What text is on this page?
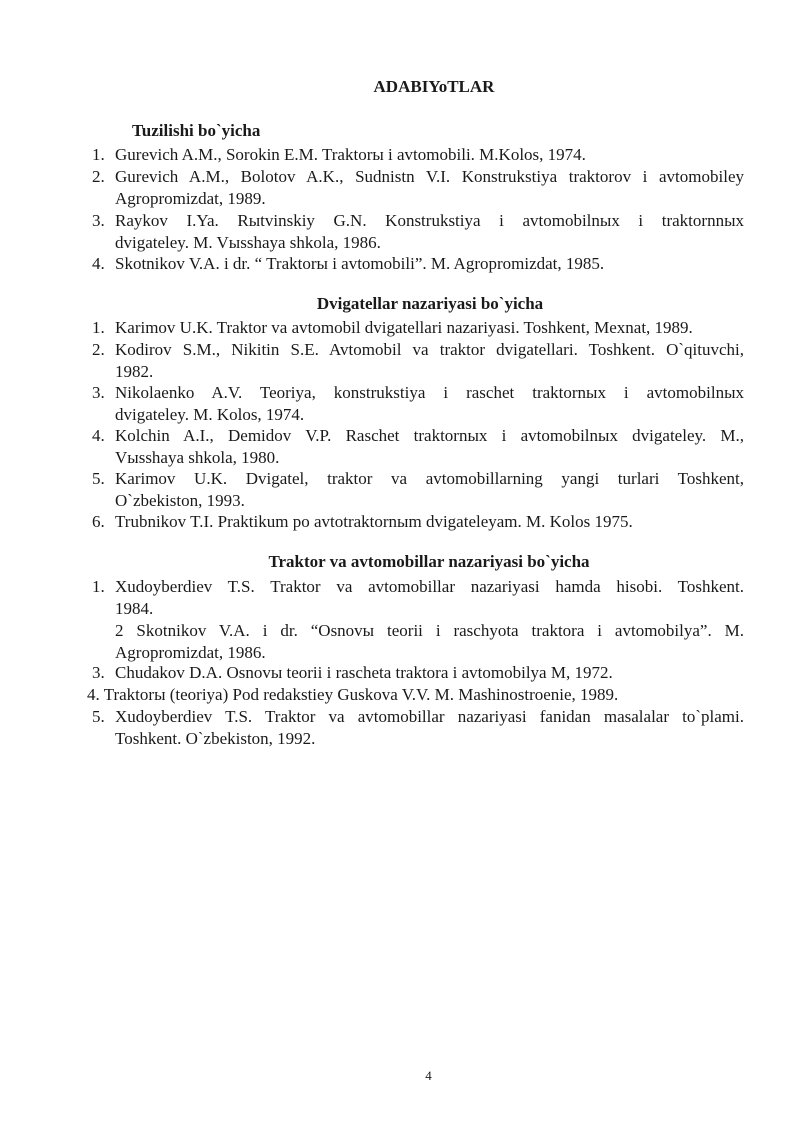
ADABIYoTLAR
Tuzilishi bo`yicha
1. Gurevich A.M., Sorokin E.M. Traktorы i avtomobili. M.Kolos, 1974.
2. Gurevich A.M., Bolotov A.K., Sudnistn V.I. Konstrukstiya traktorov i avtomobiley
Agropromizdat, 1989.
3. Raykov I.Ya. Rыtvinskiy G.N. Konstrukstiya i avtomobilnыx i traktornnыx
dvigateley. M. Vыsshaya shkola, 1986.
4. Skotnikov V.A. i dr. “ Traktorы i avtomobili”. M. Agropromizdat, 1985.
Dvigatellar nazariyasi bo`yicha
1. Karimov U.K. Traktor va avtomobil dvigatellari nazariyasi. Toshkent, Mexnat, 1989.
2. Kodirov S.M., Nikitin S.E. Avtomobil va traktor dvigatellari. Toshkent. O`qituvchi,
1982.
3. Nikolaenko A.V. Teoriya, konstrukstiya i raschet traktornыx i avtomobilnыx
dvigateley. M. Kolos, 1974.
4. Kolchin A.I., Demidov V.P. Raschet traktornыx i avtomobilnыx dvigateley. M.,
Vыsshaya shkola, 1980.
5. Karimov U.K. Dvigatel, traktor va avtomobillarning yangi turlari Toshkent,
O`zbekiston, 1993.
6. Trubnikov T.I. Praktikum po avtotraktornыm dvigateleyam. M. Kolos 1975.
Traktor va avtomobillar nazariyasi bo`yicha
1. Xudoyberdiev T.S. Traktor va avtomobillar nazariyasi hamda hisobi. Toshkent.
1984.
2 Skotnikov V.A. i dr. “Osnovы teorii i raschyota traktora i avtomobilya”. M.
Agropromizdat, 1986.
3. Chudakov D.A. Osnovы teorii i rascheta traktora i avtomobilya M, 1972.
4. Traktorы (teoriya) Pod redakstiey Guskova V.V. M. Mashinostroenie, 1989.
5. Xudoyberdiev T.S. Traktor va avtomobillar nazariyasi fanidan masalalar to`plami.
Toshkent. O`zbekiston, 1992.
4
